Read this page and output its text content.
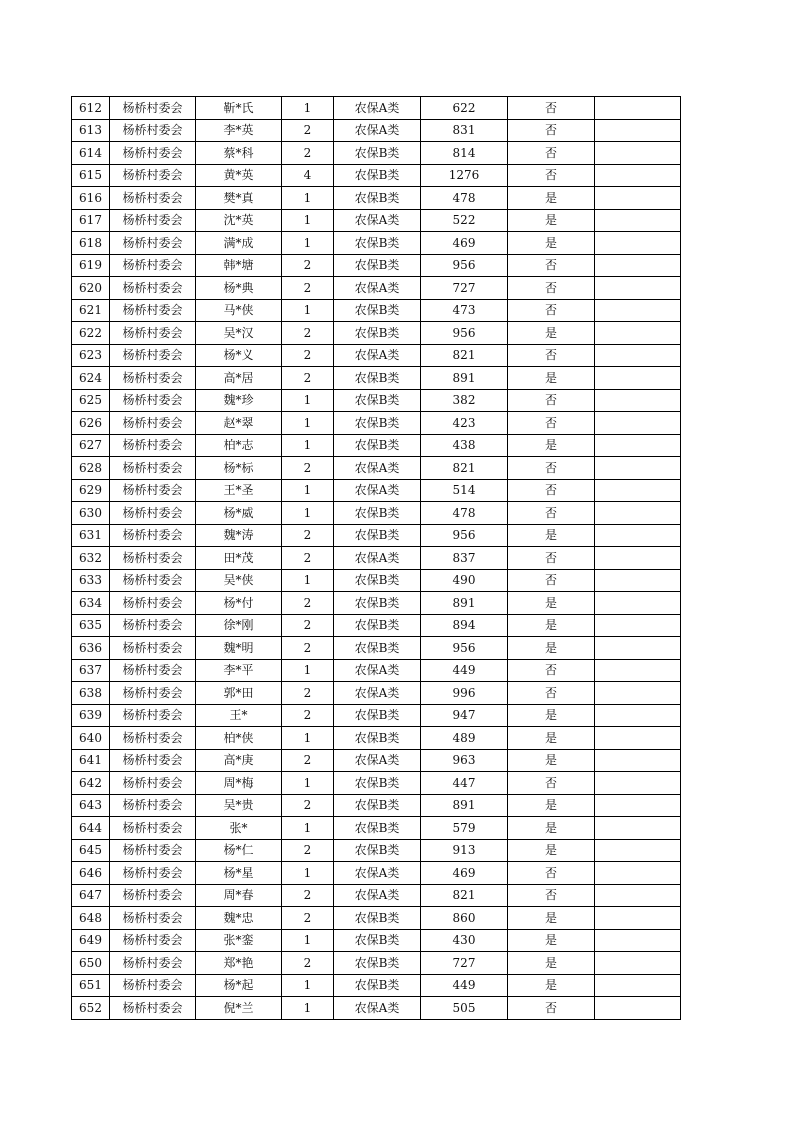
612	杨桥村委会	靳*氏	1	农保A类	622	否	
613	杨桥村委会	李*英	2	农保A类	831	否	
614	杨桥村委会	蔡*科	2	农保B类	814	否	
615	杨桥村委会	黄*英	4	农保B类	1276	否	
616	杨桥村委会	樊*真	1	农保B类	478	是	
617	杨桥村委会	沈*英	1	农保A类	522	是	
618	杨桥村委会	满*成	1	农保B类	469	是	
619	杨桥村委会	韩*塘	2	农保B类	956	否	
620	杨桥村委会	杨*典	2	农保A类	727	否	
621	杨桥村委会	马*侠	1	农保B类	473	否	
622	杨桥村委会	吴*汉	2	农保B类	956	是	
623	杨桥村委会	杨*义	2	农保A类	821	否	
624	杨桥村委会	高*居	2	农保B类	891	是	
625	杨桥村委会	魏*珍	1	农保B类	382	否	
626	杨桥村委会	赵*翠	1	农保B类	423	否	
627	杨桥村委会	柏*志	1	农保B类	438	是	
628	杨桥村委会	杨*标	2	农保A类	821	否	
629	杨桥村委会	王*圣	1	农保A类	514	否	
630	杨桥村委会	杨*威	1	农保B类	478	否	
631	杨桥村委会	魏*涛	2	农保B类	956	是	
632	杨桥村委会	田*茂	2	农保A类	837	否	
633	杨桥村委会	吴*侠	1	农保B类	490	否	
634	杨桥村委会	杨*付	2	农保B类	891	是	
635	杨桥村委会	徐*刚	2	农保B类	894	是	
636	杨桥村委会	魏*明	2	农保B类	956	是	
637	杨桥村委会	李*平	1	农保A类	449	否	
638	杨桥村委会	郭*田	2	农保A类	996	否	
639	杨桥村委会	王*	2	农保B类	947	是	
640	杨桥村委会	柏*侠	1	农保B类	489	是	
641	杨桥村委会	高*庚	2	农保A类	963	是	
642	杨桥村委会	周*梅	1	农保B类	447	否	
643	杨桥村委会	吴*贵	2	农保B类	891	是	
644	杨桥村委会	张*	1	农保B类	579	是	
645	杨桥村委会	杨*仁	2	农保B类	913	是	
646	杨桥村委会	杨*星	1	农保A类	469	否	
647	杨桥村委会	周*春	2	农保A类	821	否	
648	杨桥村委会	魏*忠	2	农保B类	860	是	
649	杨桥村委会	张*銮	1	农保B类	430	是	
650	杨桥村委会	郑*艳	2	农保B类	727	是	
651	杨桥村委会	杨*起	1	农保B类	449	是	
652	杨桥村委会	倪*兰	1	农保A类	505	否	
